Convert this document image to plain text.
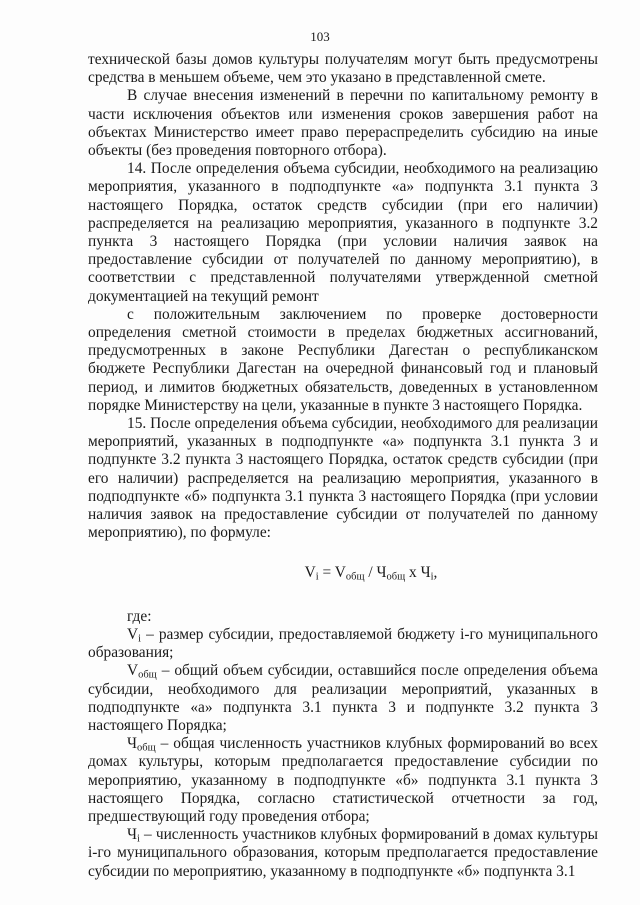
103

технической базы домов культуры получателям могут быть предусмотрены средства в меньшем объеме, чем это указано в представленной смете.

В случае внесения изменений в перечни по капитальному ремонту в части исключения объектов или изменения сроков завершения работ на объектах Министерство имеет право перераспределить субсидию на иные объекты (без проведения повторного отбора).

14. После определения объема субсидии, необходимого на реализацию мероприятия, указанного в подподпункте «а» подпункта 3.1 пункта 3 настоящего Порядка, остаток средств субсидии (при его наличии) распределяется на реализацию мероприятия, указанного в подпункте 3.2 пункта 3 настоящего Порядка (при условии наличия заявок на предоставление субсидии от получателей по данному мероприятию), в соответствии с представленной получателями утвержденной сметной документацией на текущий ремонт

с положительным заключением по проверке достоверности определения сметной стоимости в пределах бюджетных ассигнований, предусмотренных в законе Республики Дагестан о республиканском бюджете Республики Дагестан на очередной финансовый год и плановый период, и лимитов бюджетных обязательств, доведенных в установленном порядке Министерству на цели, указанные в пункте 3 настоящего Порядка.

15. После определения объема субсидии, необходимого для реализации мероприятий, указанных в подподпункте «а» подпункта 3.1 пункта 3 и подпункте 3.2 пункта 3 настоящего Порядка, остаток средств субсидии (при его наличии) распределяется на реализацию мероприятия, указанного в подподпункте «б» подпункта 3.1 пункта 3 настоящего Порядка (при условии наличия заявок на предоставление субсидии от получателей по данному мероприятию), по формуле:

$V_i = V_{общ} / Ч_{общ}$ х $Ч_i$,

где:

$V_i$ – размер субсидии, предоставляемой бюджету i-го муниципального образования;

$V_{общ}$ – общий объем субсидии, оставшийся после определения объема субсидии, необходимого для реализации мероприятий, указанных в подподпункте «а» подпункта 3.1 пункта 3 и подпункте 3.2 пункта 3 настоящего Порядка;

$Ч_{общ}$ – общая численность участников клубных формирований во всех домах культуры, которым предполагается предоставление субсидии по мероприятию, указанному в подподпункте «б» подпункта 3.1 пункта 3 настоящего Порядка, согласно статистической отчетности за год, предшествующий году проведения отбора;

$Ч_i$ – численность участников клубных формирований в домах культуры i-го муниципального образования, которым предполагается предоставление субсидии по мероприятию, указанному в подподпункте «б» подпункта 3.1
